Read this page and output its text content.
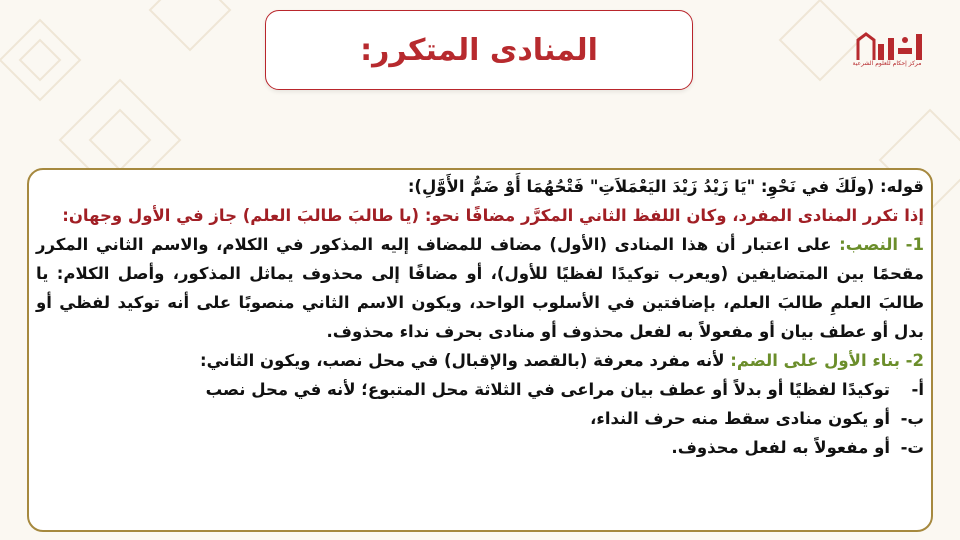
المنادى المتكرر:	مركز إحكام للعلوم الشرعية

قوله: (ولَكَ في نَحْوِ: "يَا زَيْدُ زَيْدَ اليَعْمَلاَتِ" فَتْحُهُمَا أَوْ ضَمُّ الأَوَّلِ):

إذا تكرر المنادى المفرد، وكان اللفظ الثاني المكرَّر مضافًا نحو: (يا طالبَ طالبَ العلم) جاز في الأول وجهان:

1- النصب: على اعتبار أن هذا المنادى (الأول) مضاف للمضاف إليه المذكور في الكلام، والاسم الثاني المكرر مقحمًا بين المتضايفين (ويعرب توكيدًا لفظيًا للأول)، أو مضافًا إلى محذوف يماثل المذكور، وأصل الكلام: يا طالبَ العلمِ طالبَ العلم، بإضافتين في الأسلوب الواحد، ويكون الاسم الثاني منصوبًا على أنه توكيد لفظي أو بدل أو عطف بيان أو مفعولاً به لفعل محذوف أو منادى بحرف نداء محذوف.

2- بناء الأول على الضم: لأنه مفرد معرفة (بالقصد والإقبال) في محل نصب، ويكون الثاني:

أ-
توكيدًا لفظيًا أو بدلاً أو عطف بيان مراعى في الثلاثة محل المتبوع؛ لأنه في محل نصب
ب-
أو يكون منادى سقط منه حرف النداء،
ت-
أو مفعولاً به لفعل محذوف.
